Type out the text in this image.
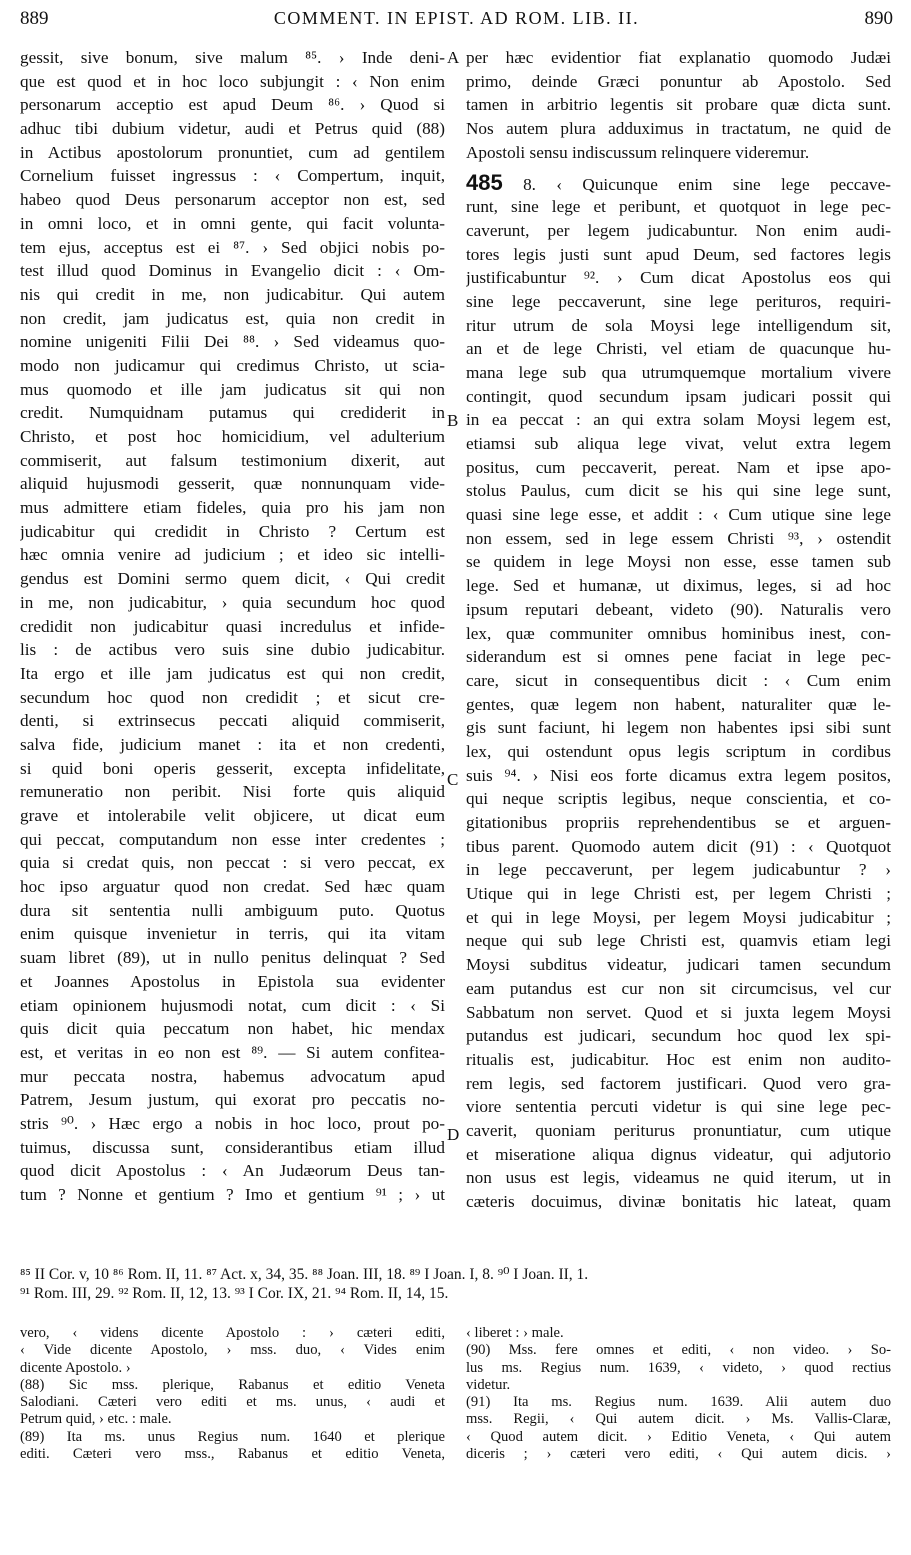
889	COMMENT. IN EPIST. AD ROM. LIB. II.	890
A
B
C
D
gessit, sive bonum, sive malum ⁸⁵. › Inde deni-
que est quod et in hoc loco subjungit : ‹ Non enim
personarum acceptio est apud Deum ⁸⁶. › Quod si
adhuc tibi dubium videtur, audi et Petrus quid (88)
in Actibus apostolorum pronuntiet, cum ad gentilem
Cornelium fuisset ingressus : ‹ Compertum, inquit,
habeo quod Deus personarum acceptor non est, sed
in omni loco, et in omni gente, qui facit volunta-
tem ejus, acceptus est ei ⁸⁷. › Sed objici nobis po-
test illud quod Dominus in Evangelio dicit : ‹ Om-
nis qui credit in me, non judicabitur. Qui autem
non credit, jam judicatus est, quia non credit in
nomine unigeniti Filii Dei ⁸⁸. › Sed videamus quo-
modo non judicamur qui credimus Christo, ut scia-
mus quomodo et ille jam judicatus sit qui non
credit. Numquidnam putamus qui crediderit in
Christo, et post hoc homicidium, vel adulterium
commiserit, aut falsum testimonium dixerit, aut
aliquid hujusmodi gesserit, quæ nonnunquam vide-
mus admittere etiam fideles, quia pro his jam non
judicabitur qui credidit in Christo ? Certum est
hæc omnia venire ad judicium ; et ideo sic intelli-
gendus est Domini sermo quem dicit, ‹ Qui credit
in me, non judicabitur, › quia secundum hoc quod
credidit non judicabitur quasi incredulus et infide-
lis : de actibus vero suis sine dubio judicabitur.
Ita ergo et ille jam judicatus est qui non credit,
secundum hoc quod non credidit ; et sicut cre-
denti, si extrinsecus peccati aliquid commiserit,
salva fide, judicium manet : ita et non credenti,
si quid boni operis gesserit, excepta infidelitate,
remuneratio non peribit. Nisi forte quis aliquid
grave et intolerabile velit objicere, ut dicat eum
qui peccat, computandum non esse inter credentes ;
quia si credat quis, non peccat : si vero peccat, ex
hoc ipso arguatur quod non credat. Sed hæc quam
dura sit sententia nulli ambiguum puto. Quotus
enim quisque invenietur in terris, qui ita vitam
suam libret (89), ut in nullo penitus delinquat ? Sed
et Joannes Apostolus in Epistola sua evidenter
etiam opinionem hujusmodi notat, cum dicit : ‹ Si
quis dicit quia peccatum non habet, hic mendax
est, et veritas in eo non est ⁸⁹. — Si autem confitea-
mur peccata nostra, habemus advocatum apud
Patrem, Jesum justum, qui exorat pro peccatis no-
stris ⁹⁰. › Hæc ergo a nobis in hoc loco, prout po-
tuimus, discussa sunt, considerantibus etiam illud
quod dicit Apostolus : ‹ An Judæorum Deus tan-
tum ? Nonne et gentium ? Imo et gentium ⁹¹ ; › ut
per hæc evidentior fiat explanatio quomodo Judæi
primo, deinde Græci ponuntur ab Apostolo. Sed
tamen in arbitrio legentis sit probare quæ dicta sunt.
Nos autem plura adduximus in tractatum, ne quid de
Apostoli sensu indiscussum relinquere videremur.
485 8. ‹ Quicunque enim sine lege peccave-
runt, sine lege et peribunt, et quotquot in lege pec-
caverunt, per legem judicabuntur. Non enim audi-
tores legis justi sunt apud Deum, sed factores legis
justificabuntur ⁹². › Cum dicat Apostolus eos qui
sine lege peccaverunt, sine lege perituros, requiri-
ritur utrum de sola Moysi lege intelligendum sit,
an et de lege Christi, vel etiam de quacunque hu-
mana lege sub qua utrumquemque mortalium vivere
contingit, quod secundum ipsam judicari possit qui
in ea peccat : an qui extra solam Moysi legem est,
etiamsi sub aliqua lege vivat, velut extra legem
positus, cum peccaverit, pereat. Nam et ipse apo-
stolus Paulus, cum dicit se his qui sine lege sunt,
quasi sine lege esse, et addit : ‹ Cum utique sine lege
non essem, sed in lege essem Christi ⁹³, › ostendit
se quidem in lege Moysi non esse, esse tamen sub
lege. Sed et humanæ, ut diximus, leges, si ad hoc
ipsum reputari debeant, videto (90). Naturalis vero
lex, quæ communiter omnibus hominibus inest, con-
siderandum est si omnes pene faciat in lege pec-
care, sicut in consequentibus dicit : ‹ Cum enim
gentes, quæ legem non habent, naturaliter quæ le-
gis sunt faciunt, hi legem non habentes ipsi sibi sunt
lex, qui ostendunt opus legis scriptum in cordibus
suis ⁹⁴. › Nisi eos forte dicamus extra legem positos,
qui neque scriptis legibus, neque conscientia, et co-
gitationibus propriis reprehendentibus se et arguen-
tibus parent. Quomodo autem dicit (91) : ‹ Quotquot
in lege peccaverunt, per legem judicabuntur ? ›
Utique qui in lege Christi est, per legem Christi ;
et qui in lege Moysi, per legem Moysi judicabitur ;
neque qui sub lege Christi est, quamvis etiam legi
Moysi subditus videatur, judicari tamen secundum
eam putandus est cur non sit circumcisus, vel cur
Sabbatum non servet. Quod et si juxta legem Moysi
putandus est judicari, secundum hoc quod lex spi-
ritualis est, judicabitur. Hoc est enim non audito-
rem legis, sed factorem justificari. Quod vero gra-
viore sententia percuti videtur is qui sine lege pec-
caverit, quoniam periturus pronuntiatur, cum utique
et miseratione aliqua dignus videatur, qui adjutorio
non usus est legis, videamus ne quid iterum, ut in
cæteris docuimus, divinæ bonitatis hic lateat, quam
⁸⁵ II Cor. v, 10 ⁸⁶ Rom. II, 11. ⁸⁷ Act. x, 34, 35. ⁸⁸ Joan. III, 18. ⁸⁹ I Joan. I, 8. ⁹⁰ I Joan. II, 1.
⁹¹ Rom. III, 29. ⁹² Rom. II, 12, 13. ⁹³ I Cor. IX, 21. ⁹⁴ Rom. II, 14, 15.
vero, ‹ videns dicente Apostolo : › cæteri editi,
‹ Vide dicente Apostolo, › mss. duo, ‹ Vides enim
dicente Apostolo. ›
(88) Sic mss. plerique, Rabanus et editio Veneta
Salodiani. Cæteri vero editi et ms. unus, ‹ audi et
Petrum quid, › etc. : male.
(89) Ita ms. unus Regius num. 1640 et plerique
editi. Cæteri vero mss., Rabanus et editio Veneta,
‹ liberet : › male.
(90) Mss. fere omnes et editi, ‹ non video. › So-
lus ms. Regius num. 1639, ‹ videto, › quod rectius
videtur.
(91) Ita ms. Regius num. 1639. Alii autem duo
mss. Regii, ‹ Qui autem dicit. › Ms. Vallis-Claræ,
‹ Quod autem dicit. › Editio Veneta, ‹ Qui autem
diceris ; › cæteri vero editi, ‹ Qui autem dicis. ›
